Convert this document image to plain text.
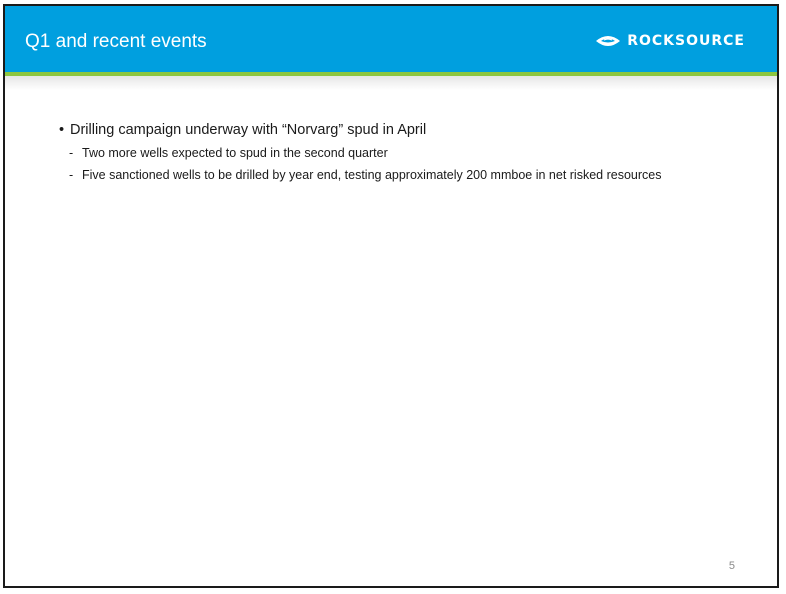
Q1 and recent events	ROCKSOURCE

• Drilling campaign underway with “Norvarg” spud in April

- Two more wells expected to spud in the second quarter
- Five sanctioned wells to be drilled by year end, testing approximately 200 mmboe in net risked resources
5
